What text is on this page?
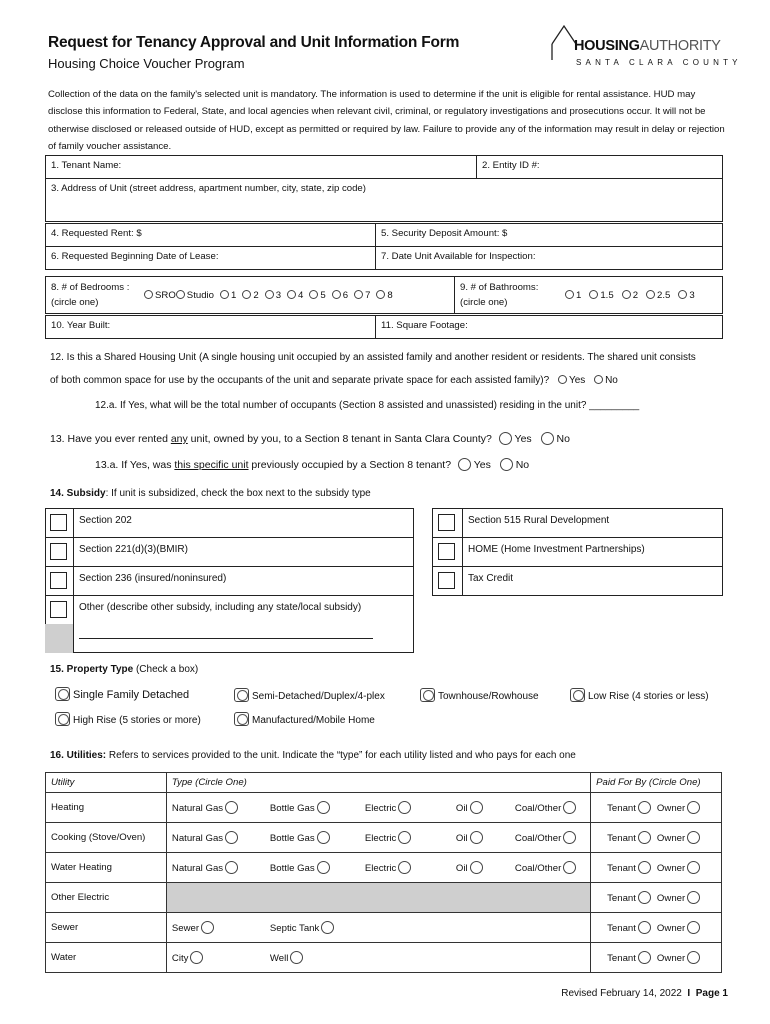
Request for Tenancy Approval and Unit Information Form
Housing Choice Voucher Program
HOUSINGAUTHORITY
SANTA CLARA COUNTY
Collection of the data on the family's selected unit is mandatory. The information is used to determine if the unit is eligible for rental assistance. HUD may disclose this information to Federal, State, and local agencies when relevant civil, criminal, or regulatory investigations and prosecutions occur. It will not be otherwise disclosed or released outside of HUD, except as permitted or required by law. Failure to provide any of the information may result in delay or rejection of family voucher assistance.
1. Tenant Name:	2. Entity ID #:
3. Address of Unit (street address, apartment number, city, state, zip code)
4. Requested Rent: $	5. Security Deposit Amount: $
6. Requested Beginning Date of Lease:	7. Date Unit Available for Inspection:
8. # of Bedrooms :
(circle one)
SRO Studio 1 2 3 4 5 6 7 8
9. # of Bathrooms:
(circle one)
1 1.5 2 2.5 3
10. Year Built:	11. Square Footage:
12. Is this a Shared Housing Unit (A single housing unit occupied by an assisted family and another resident or residents. The shared unit consists
of both common space for use by the occupants of the unit and separate private space for each assisted family)? Yes No
12.a. If Yes, what will be the total number of occupants (Section 8 assisted and unassisted) residing in the unit? _________
13. Have you ever rented any unit, owned by you, to a Section 8 tenant in Santa Clara County? Yes No
13.a. If Yes, was this specific unit previously occupied by a Section 8 tenant? Yes No
14. Subsidy: If unit is subsidized, check the box next to the subsidy type
Section 202
Section 221(d)(3)(BMIR)
Section 236 (insured/noninsured)
Other (describe other subsidy, including any state/local subsidy)
Section 515 Rural Development
HOME (Home Investment Partnerships)
Tax Credit
15. Property Type (Check a box)
Single Family Detached	Semi-Detached/Duplex/4-plex	Townhouse/Rowhouse	Low Rise (4 stories or less)
High Rise (5 stories or more)	Manufactured/Mobile Home
16. Utilities: Refers to services provided to the unit. Indicate the “type” for each utility listed and who pays for each one
Utility	Type (Circle One)	Paid For By (Circle One)
Heating	Natural Gas Bottle Gas Electric Oil Coal/Other	Tenant Owner
Cooking (Stove/Oven)	Natural Gas Bottle Gas Electric Oil Coal/Other	Tenant Owner
Water Heating	Natural Gas Bottle Gas Electric Oil Coal/Other	Tenant Owner
Other Electric		Tenant Owner
Sewer	Sewer Septic Tank	Tenant Owner
Water	City Well	Tenant Owner
Revised February 14, 2022 I Page 1
